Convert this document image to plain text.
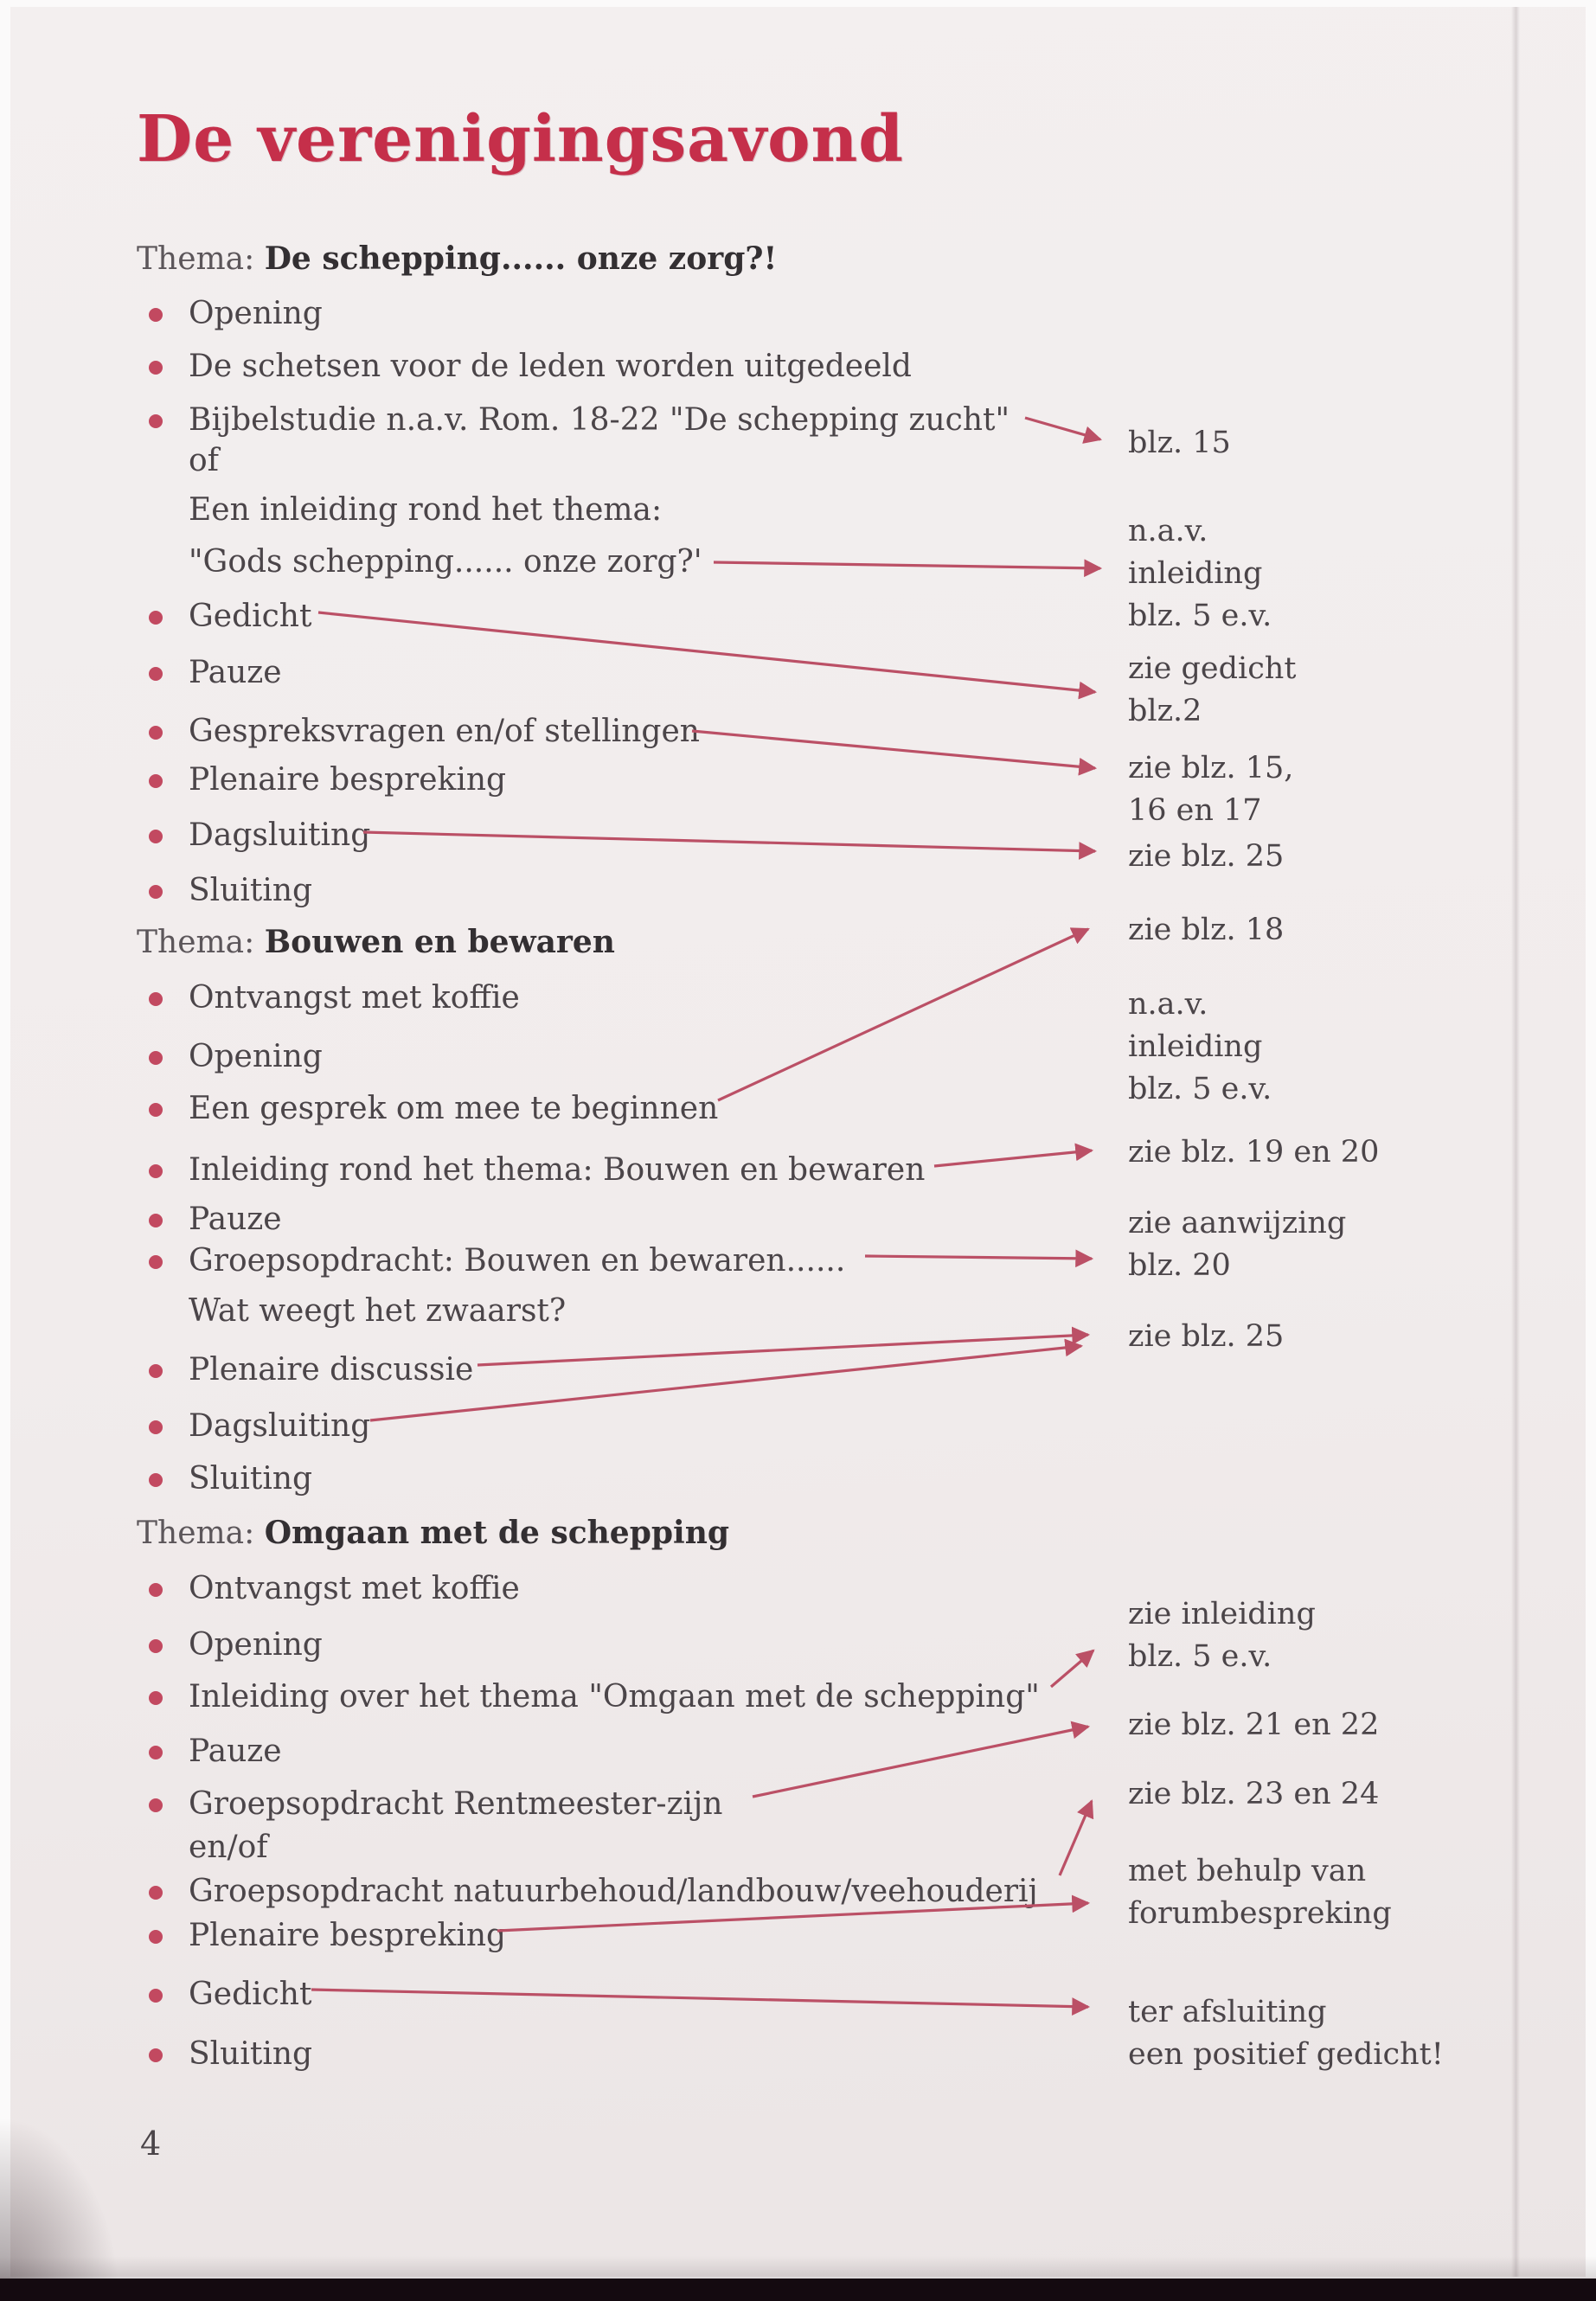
De verenigingsavond
Thema: De schepping...... onze zorg?!
Opening
De schetsen voor de leden worden uitgedeeld
Bijbelstudie n.a.v. Rom. 18-22 "De schepping zucht"
of
Een inleiding rond het thema:
"Gods schepping...... onze zorg?'
Gedicht
Pauze
Gespreksvragen en/of stellingen
Plenaire bespreking
Dagsluiting
Sluiting
Thema: Bouwen en bewaren
Ontvangst met koffie
Opening
Een gesprek om mee te beginnen
Inleiding rond het thema: Bouwen en bewaren
Pauze
Groepsopdracht: Bouwen en bewaren......
Wat weegt het zwaarst?
Plenaire discussie
Dagsluiting
Sluiting
Thema: Omgaan met de schepping
Ontvangst met koffie
Opening
Inleiding over het thema "Omgaan met de schepping"
Pauze
Groepsopdracht Rentmeester-zijn
en/of
Groepsopdracht natuurbehoud/landbouw/veehouderij
Plenaire bespreking
Gedicht
Sluiting
blz. 15
n.a.v.
inleiding
blz. 5 e.v.
zie gedicht
blz.2
zie blz. 15,
16 en 17
zie blz. 25
zie blz. 18
n.a.v.
inleiding
blz. 5 e.v.
zie blz. 19 en 20
zie aanwijzing
blz. 20
zie blz. 25
zie inleiding
blz. 5 e.v.
zie blz. 21 en 22
zie blz. 23 en 24
met behulp van
forumbespreking
ter afsluiting
een positief gedicht!
4
